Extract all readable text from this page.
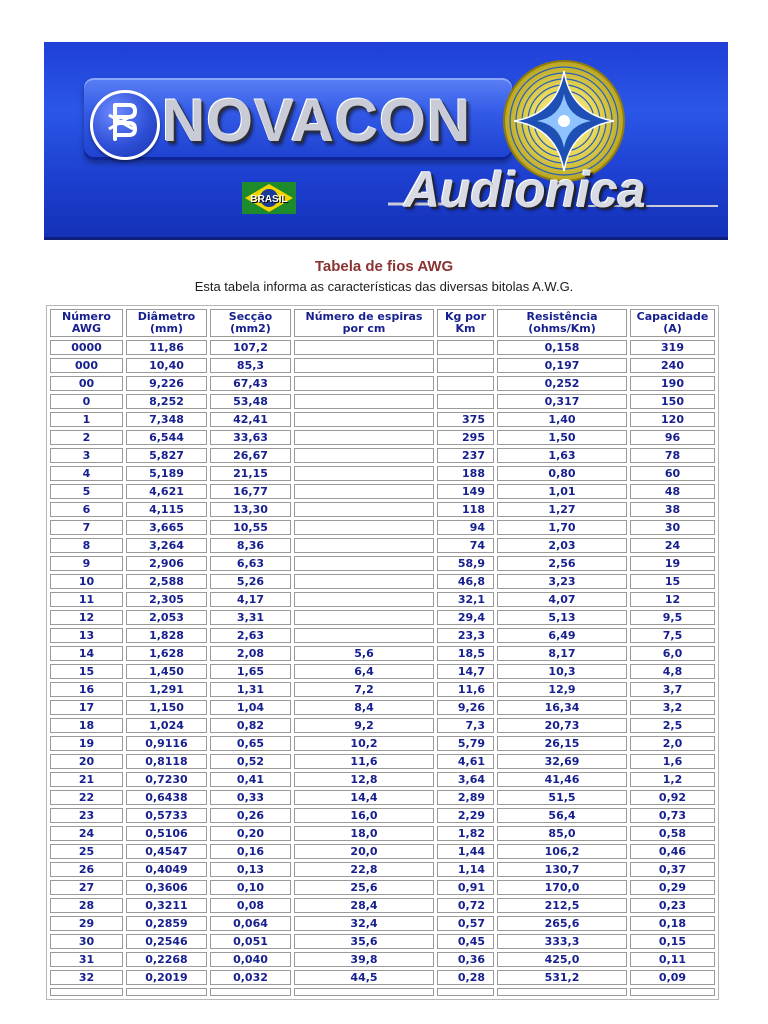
NOVACON
BRASIL Audionica
Tabela de fios AWG
Esta tabela informa as características das diversas bitolas A.W.G.
Número AWG	Diâmetro (mm)	Secção (mm2)	Número de espiras por cm	Kg por Km	Resistência (ohms/Km)	Capacidade (A)
0000	11,86	107,2			0,158	319
000	10,40	85,3			0,197	240
00	9,226	67,43			0,252	190
0	8,252	53,48			0,317	150
1	7,348	42,41		375	1,40	120
2	6,544	33,63		295	1,50	96
3	5,827	26,67		237	1,63	78
4	5,189	21,15		188	0,80	60
5	4,621	16,77		149	1,01	48
6	4,115	13,30		118	1,27	38
7	3,665	10,55		94	1,70	30
8	3,264	8,36		74	2,03	24
9	2,906	6,63		58,9	2,56	19
10	2,588	5,26		46,8	3,23	15
11	2,305	4,17		32,1	4,07	12
12	2,053	3,31		29,4	5,13	9,5
13	1,828	2,63		23,3	6,49	7,5
14	1,628	2,08	5,6	18,5	8,17	6,0
15	1,450	1,65	6,4	14,7	10,3	4,8
16	1,291	1,31	7,2	11,6	12,9	3,7
17	1,150	1,04	8,4	9,26	16,34	3,2
18	1,024	0,82	9,2	7,3	20,73	2,5
19	0,9116	0,65	10,2	5,79	26,15	2,0
20	0,8118	0,52	11,6	4,61	32,69	1,6
21	0,7230	0,41	12,8	3,64	41,46	1,2
22	0,6438	0,33	14,4	2,89	51,5	0,92
23	0,5733	0,26	16,0	2,29	56,4	0,73
24	0,5106	0,20	18,0	1,82	85,0	0,58
25	0,4547	0,16	20,0	1,44	106,2	0,46
26	0,4049	0,13	22,8	1,14	130,7	0,37
27	0,3606	0,10	25,6	0,91	170,0	0,29
28	0,3211	0,08	28,4	0,72	212,5	0,23
29	0,2859	0,064	32,4	0,57	265,6	0,18
30	0,2546	0,051	35,6	0,45	333,3	0,15
31	0,2268	0,040	39,8	0,36	425,0	0,11
32	0,2019	0,032	44,5	0,28	531,2	0,09
